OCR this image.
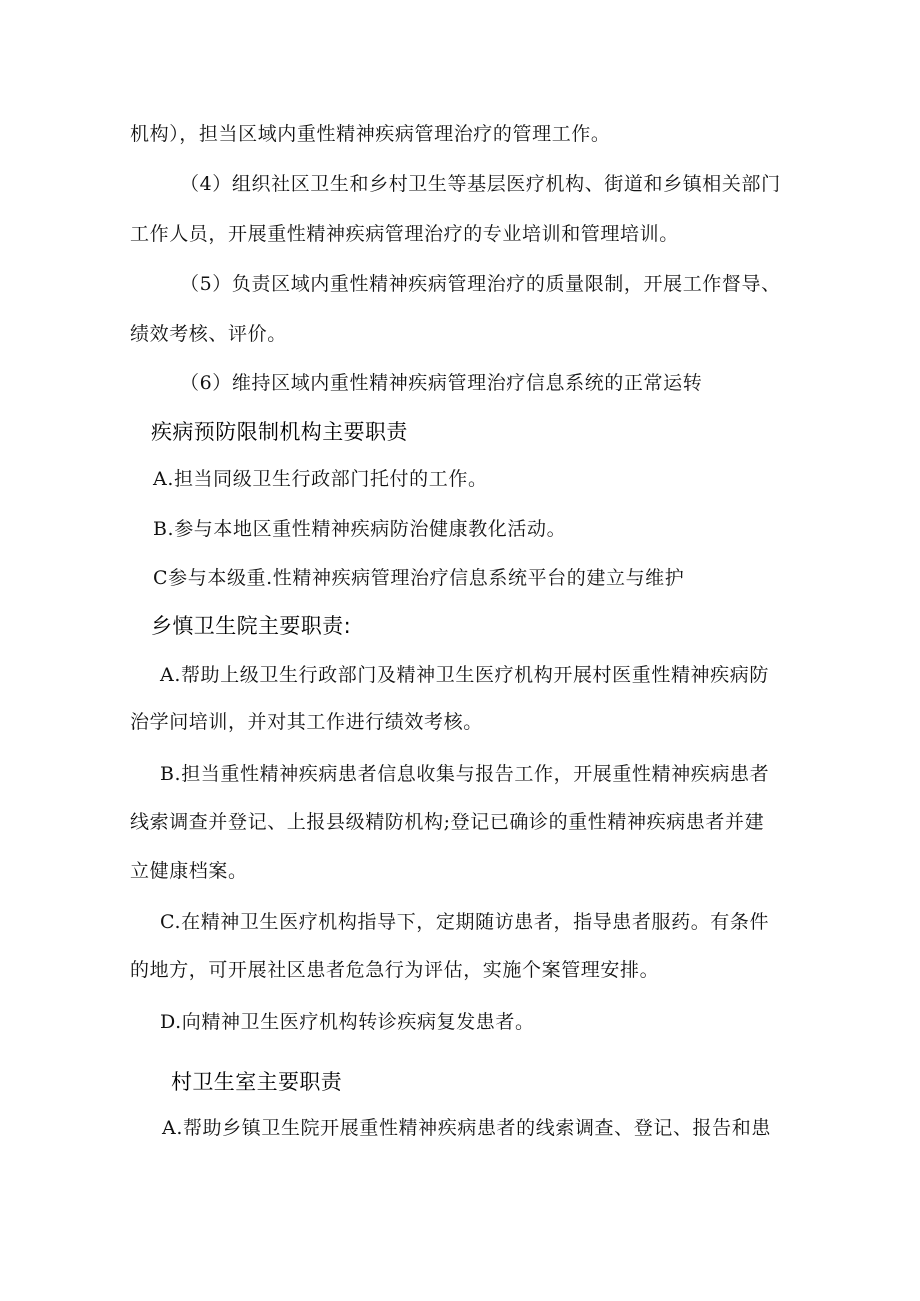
机构），担当区域内重性精神疾病管理治疗的管理工作。
（4）组织社区卫生和乡村卫生等基层医疗机构、街道和乡镇相关部门
工作人员，开展重性精神疾病管理治疗的专业培训和管理培训。
（5）负责区域内重性精神疾病管理治疗的质量限制，开展工作督导、
绩效考核、评价。
（6）维持区域内重性精神疾病管理治疗信息系统的正常运转
疾病预防限制机构主要职责
A.担当同级卫生行政部门托付的工作。
B.参与本地区重性精神疾病防治健康教化活动。
C参与本级重.性精神疾病管理治疗信息系统平台的建立与维护
乡慎卫生院主要职责:
A.帮助上级卫生行政部门及精神卫生医疗机构开展村医重性精神疾病防
治学问培训，并对其工作进行绩效考核。
B.担当重性精神疾病患者信息收集与报告工作，开展重性精神疾病患者
线索调查并登记、上报县级精防机构;登记已确诊的重性精神疾病患者并建
立健康档案。
C.在精神卫生医疗机构指导下，定期随访患者，指导患者服药。有条件
的地方，可开展社区患者危急行为评估，实施个案管理安排。
D.向精神卫生医疗机构转诊疾病复发患者。
村卫生室主要职责
A.帮助乡镇卫生院开展重性精神疾病患者的线索调查、登记、报告和患
